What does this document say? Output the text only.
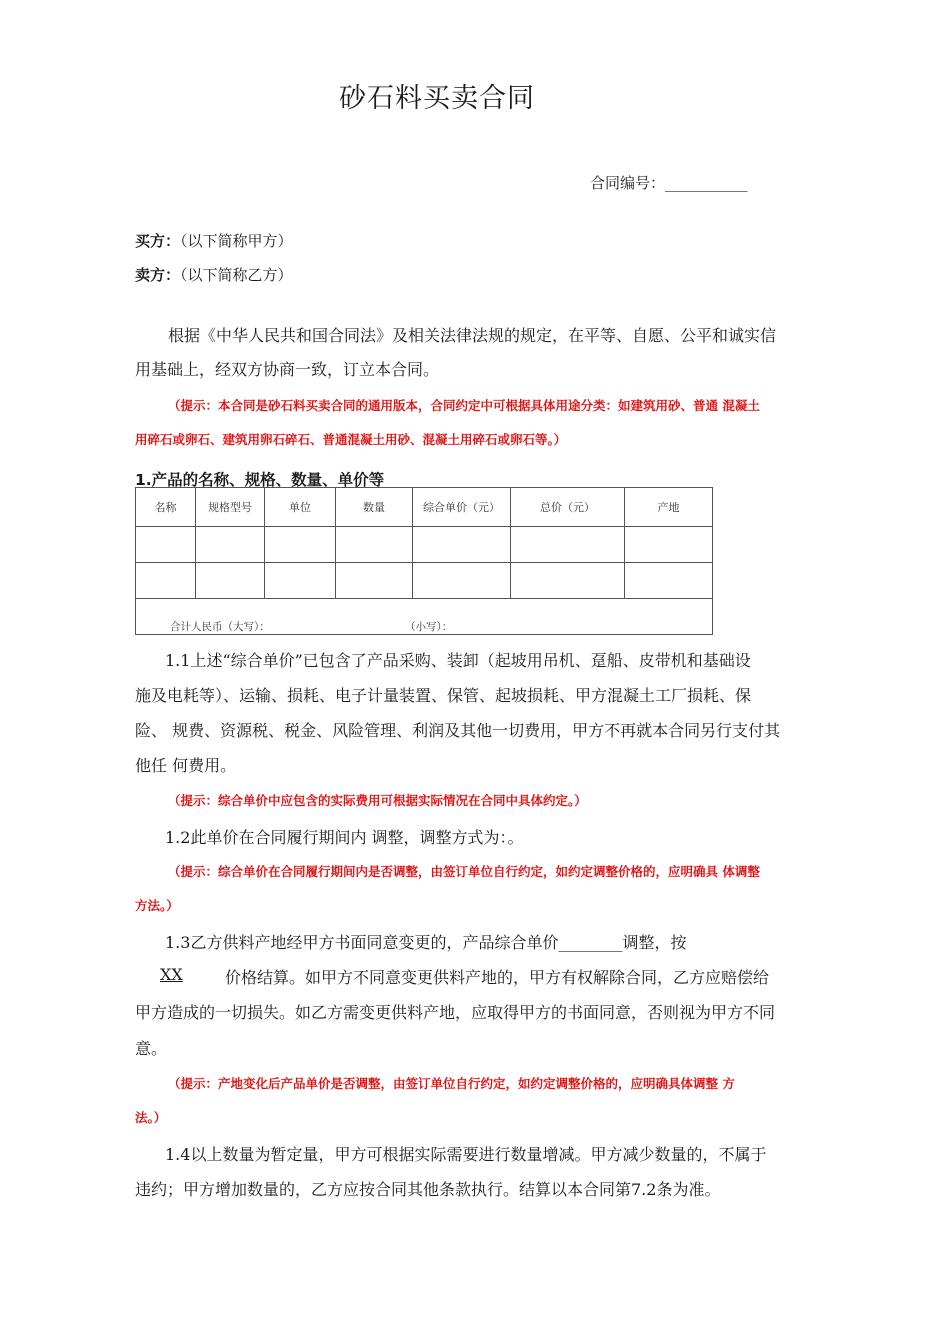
砂石料买卖合同
合同编号：___________
买方：（以下简称甲方）
卖方：（以下简称乙方）
根据《中华人民共和国合同法》及相关法律法规的规定，在平等、自愿、公平和诚实信
用基础上，经双方协商一致，订立本合同。
（提示：本合同是砂石料买卖合同的通用版本，合同约定中可根据具体用途分类：如建筑用砂、普通 混凝土
用碎石或卵石、建筑用卵石碎石、普通混凝土用砂、混凝土用碎石或卵石等。）
1.产品的名称、规格、数量、单价等
名称	规格型号	单位	数量	综合单价（元）	总价（元）	产地

合计人民币（大写）： （小写）：						
1.1上述“综合单价”已包含了产品采购、装卸（起坡用吊机、趸船、皮带机和基础设
施及电耗等）、运输、损耗、电子计量装置、保管、起坡损耗、甲方混凝土工厂损耗、保
险、 规费、资源税、税金、风险管理、利润及其他一切费用，甲方不再就本合同另行支付其
他任 何费用。
（提示：综合单价中应包含的实际费用可根据实际情况在合同中具体约定。）
1.2此单价在合同履行期间内 调整，调整方式为：。
（提示：综合单价在合同履行期间内是否调整，由签订单位自行约定，如约定调整价格的，应明确具 体调整
方法。）
1.3乙方供料产地经甲方书面同意变更的，产品综合单价________调整，按
XX	价格结算。如甲方不同意变更供料产地的，甲方有权解除合同，乙方应赔偿给
甲方造成的一切损失。如乙方需变更供料产地，应取得甲方的书面同意，否则视为甲方不同
意。
（提示：产地变化后产品单价是否调整，由签订单位自行约定，如约定调整价格的，应明确具体调整 方
法。）
1.4以上数量为暂定量，甲方可根据实际需要进行数量增减。甲方减少数量的，不属于
违约；甲方增加数量的，乙方应按合同其他条款执行。结算以本合同第7.2条为准。
